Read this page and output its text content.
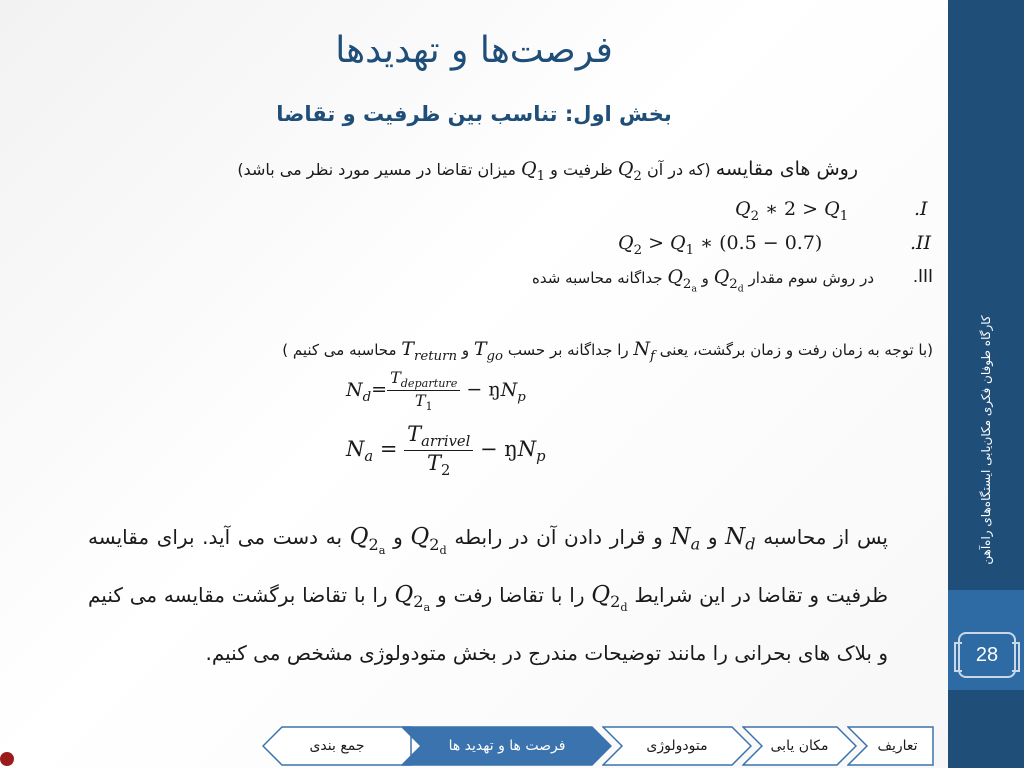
فرصت‌ها و تهدیدها
بخش اول: تناسب بین ظرفیت و تقاضا
روش های مقایسه (که در آن $Q_2$ ظرفیت و $Q_1$ میزان تقاضا در مسیر مورد نظر می باشد)
.I
$Q_2$ ∗ $2 > Q_1$
.II
$Q_2 > Q_1$ ∗ (0.5 − 0.7)
III.
در روش سوم مقدار $Q_{2_d}$ و $Q_{2_a}$ جداگانه محاسبه شده
(با توجه به زمان رفت و زمان برگشت، یعنی $N_f$ را جداگانه بر حسب $T_{go}$ و $T_{return}$ محاسبه می کنیم )
$N_d= \frac{T_{departure}}{T_1}$ − $ŋN_p$
$N_a = \frac{T_{arrivel}}{T_2}$ − $ŋN_p$
پس از محاسبه $N_d$ و $N_a$ و قرار دادن آن در رابطه $Q_{2_d}$ و $Q_{2_a}$ به دست می آید. برای مقایسه ظرفیت و تقاضا در این شرایط $Q_{2_d}$ را با تقاضا رفت و $Q_{2_a}$ را با تقاضا برگشت مقایسه می کنیم و بلاک های بحرانی را مانند توضیحات مندرج در بخش متودولوژی مشخص می کنیم.
جمع بندی	فرصت ها و تهدید ها	متودولوژی	مکان یابی	تعاریف
کارگاه طوفان فکری مکان‌یابی ایستگاه‌های راه‌آهن
28
